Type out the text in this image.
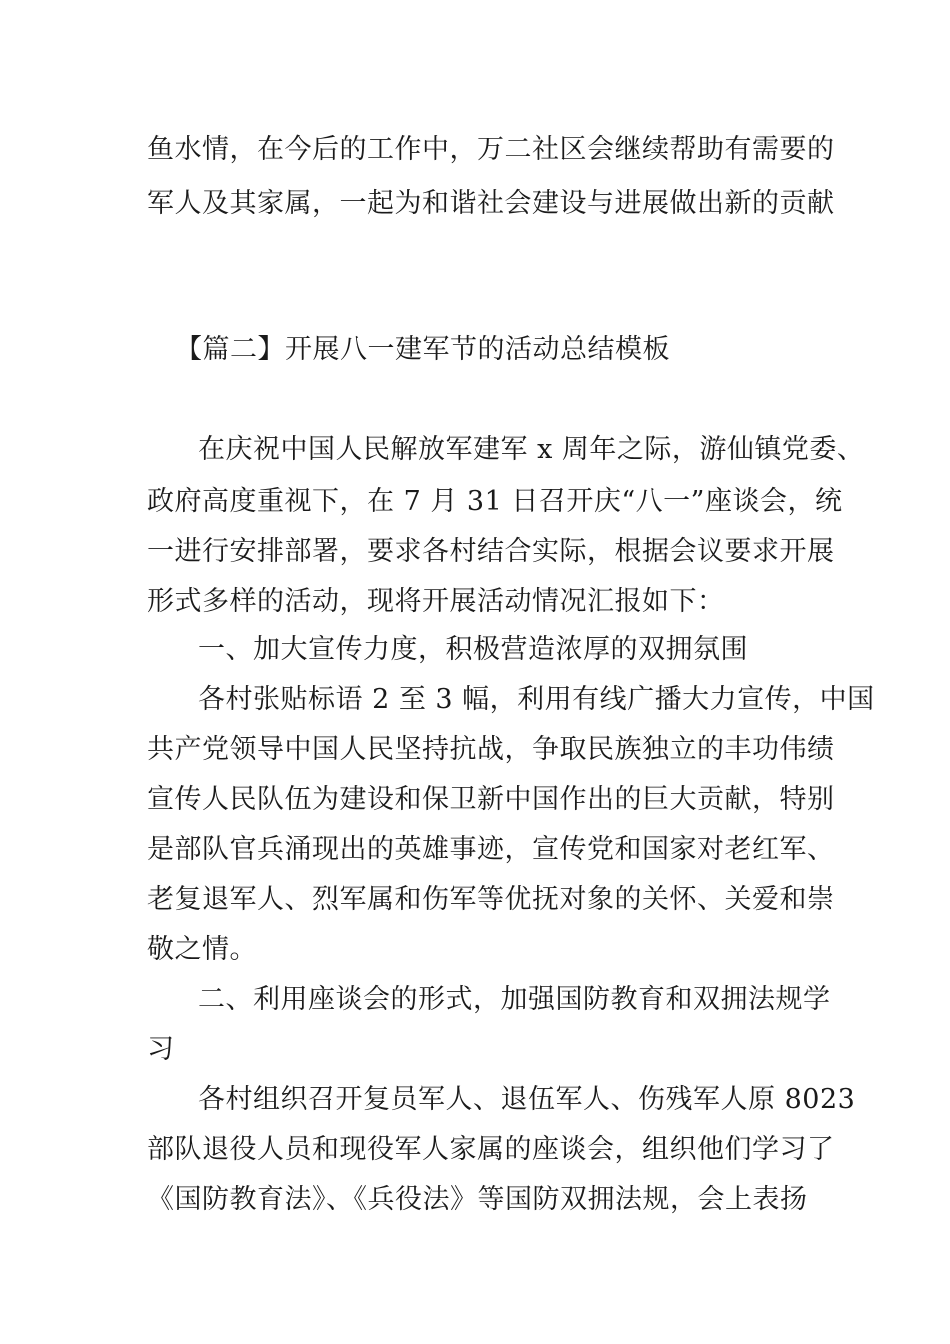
鱼水情，在今后的工作中，万二社区会继续帮助有需要的
军人及其家属，一起为和谐社会建设与进展做出新的贡献
【篇二】开展八一建军节的活动总结模板
在庆祝中国人民解放军建军 x 周年之际，游仙镇党委、
政府高度重视下，在 7 月 31 日召开庆“八一”座谈会，统
一进行安排部署，要求各村结合实际，根据会议要求开展
形式多样的活动，现将开展活动情况汇报如下：
一、加大宣传力度，积极营造浓厚的双拥氛围
各村张贴标语 2 至 3 幅，利用有线广播大力宣传，中国
共产党领导中国人民坚持抗战，争取民族独立的丰功伟绩
宣传人民队伍为建设和保卫新中国作出的巨大贡献，特别
是部队官兵涌现出的英雄事迹，宣传党和国家对老红军、
老复退军人、烈军属和伤军等优抚对象的关怀、关爱和崇
敬之情。
二、利用座谈会的形式，加强国防教育和双拥法规学
习
各村组织召开复员军人、退伍军人、伤残军人原 8023
部队退役人员和现役军人家属的座谈会，组织他们学习了
《国防教育法》、《兵役法》等国防双拥法规，会上表扬
